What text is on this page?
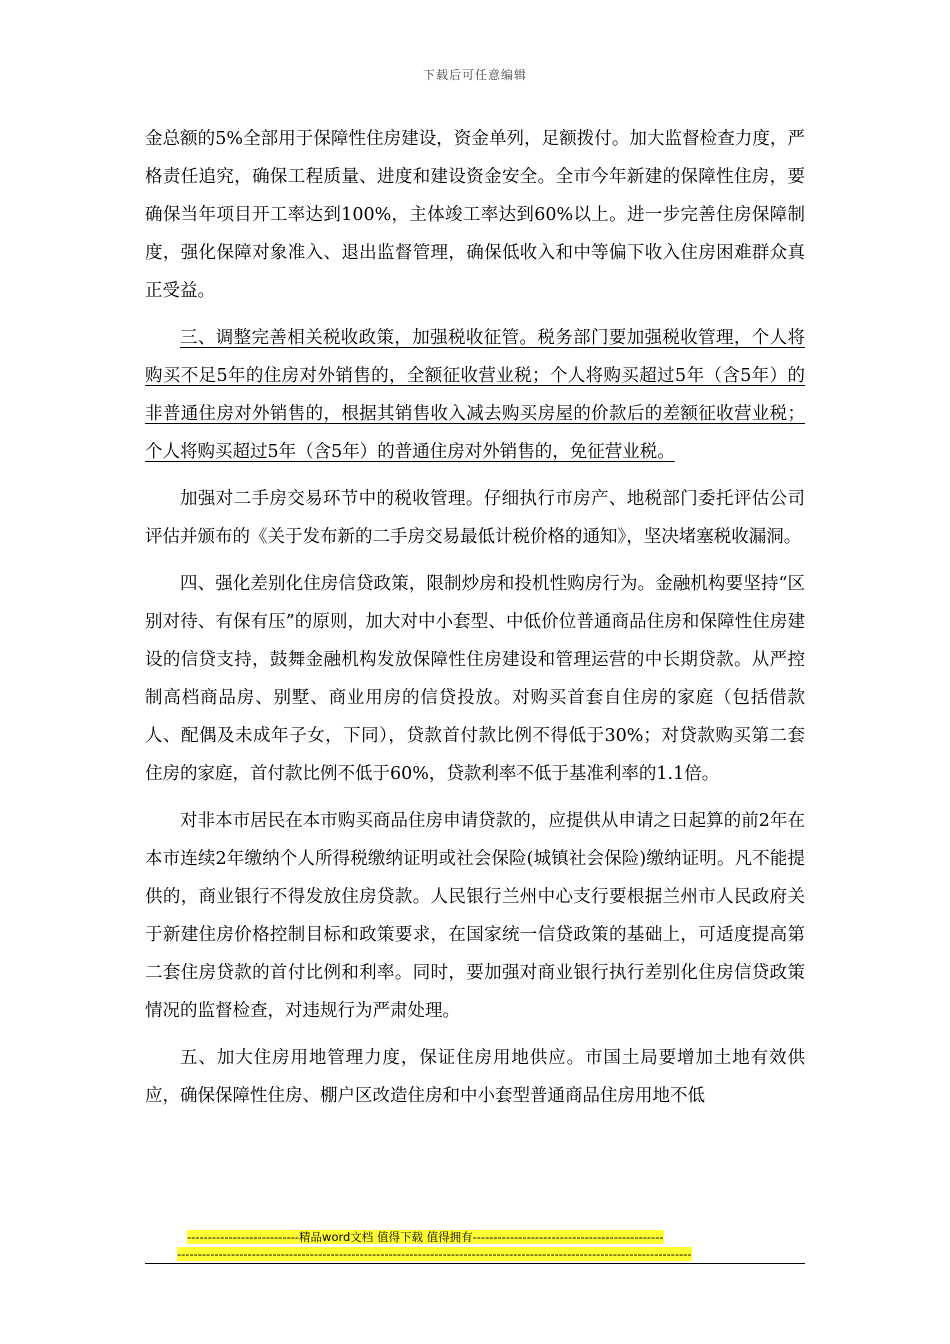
下载后可任意编辑

金总额的5%全部用于保障性住房建设，资金单列，足额拨付。加大监督检查力度，严格责任追究，确保工程质量、进度和建设资金安全。全市今年新建的保障性住房，要确保当年项目开工率达到100%，主体竣工率达到60%以上。进一步完善住房保障制度，强化保障对象准入、退出监督管理，确保低收入和中等偏下收入住房困难群众真正受益。

三、调整完善相关税收政策，加强税收征管。税务部门要加强税收管理，个人将购买不足5年的住房对外销售的，全额征收营业税；个人将购买超过5年（含5年）的非普通住房对外销售的，根据其销售收入减去购买房屋的价款后的差额征收营业税；个人将购买超过5年（含5年）的普通住房对外销售的，免征营业税。

加强对二手房交易环节中的税收管理。仔细执行市房产、地税部门委托评估公司评估并颁布的《关于发布新的二手房交易最低计税价格的通知》，坚决堵塞税收漏洞。

四、强化差别化住房信贷政策，限制炒房和投机性购房行为。金融机构要坚持“区别对待、有保有压”的原则，加大对中小套型、中低价位普通商品住房和保障性住房建设的信贷支持，鼓舞金融机构发放保障性住房建设和管理运营的中长期贷款。从严控制高档商品房、别墅、商业用房的信贷投放。对购买首套自住房的家庭（包括借款人、配偶及未成年子女，下同），贷款首付款比例不得低于30%；对贷款购买第二套住房的家庭，首付款比例不低于60%，贷款利率不低于基准利率的1.1倍。

对非本市居民在本市购买商品住房申请贷款的，应提供从申请之日起算的前2年在本市连续2年缴纳个人所得税缴纳证明或社会保险(城镇社会保险)缴纳证明。凡不能提供的，商业银行不得发放住房贷款。人民银行兰州中心支行要根据兰州市人民政府关于新建住房价格控制目标和政策要求，在国家统一信贷政策的基础上，可适度提高第二套住房贷款的首付比例和利率。同时，要加强对商业银行执行差别化住房信贷政策情况的监督检查，对违规行为严肃处理。

五、加大住房用地管理力度，保证住房用地供应。市国土局要增加土地有效供应，确保保障性住房、棚户区改造住房和中小套型普通商品住房用地不低

---------------------------精品word文档 值得下载 值得拥有----------------------------------------------
----------------------------------------------------------------------------------------------------------------------------
